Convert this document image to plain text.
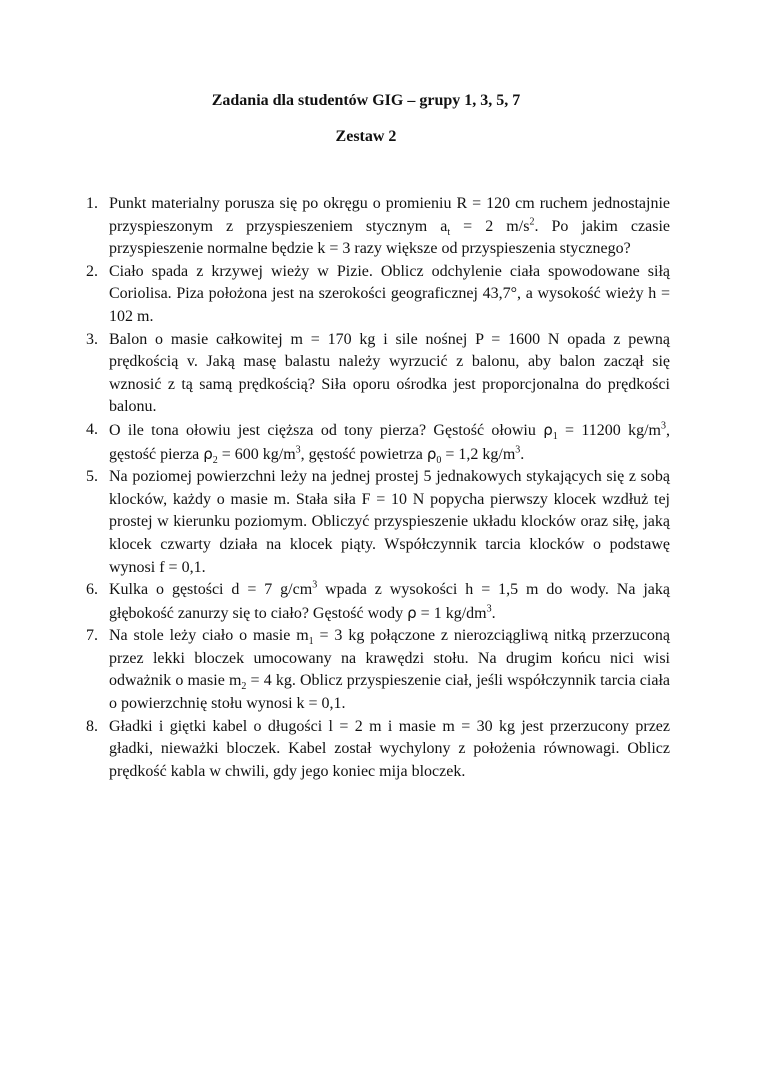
Zadania dla studentów GIG – grupy 1, 3, 5, 7
Zestaw 2
1. Punkt materialny porusza się po okręgu o promieniu R = 120 cm ruchem jednostajnie przyspieszonym z przyspieszeniem stycznym $a_t = 2$ $m/s^2$. Po jakim czasie przyspieszenie normalne będzie k = 3 razy większe od przyspieszenia stycznego?
2. Ciało spada z krzywej wieży w Pizie. Oblicz odchylenie ciała spowodowane siłą Coriolisa. Piza położona jest na szerokości geograficznej 43,7°, a wysokość wieży h = 102 m.
3. Balon o masie całkowitej m = 170 kg i sile nośnej P = 1600 N opada z pewną prędkością v. Jaką masę balastu należy wyrzucić z balonu, aby balon zaczął się wznosić z tą samą prędkością? Siła oporu ośrodka jest proporcjonalna do prędkości balonu.
4. O ile tona ołowiu jest cięższa od tony pierza? Gęstość ołowiu $\rho_1 = 11200$ $kg/m^3$, gęstość pierza $\rho_2 = 600$ $kg/m^3$, gęstość powietrza $\rho_0 = 1,2$ $kg/m^3$.
5. Na poziomej powierzchni leży na jednej prostej 5 jednakowych stykających się z sobą klocków, każdy o masie m. Stała siła F = 10 N popycha pierwszy klocek wzdłuż tej prostej w kierunku poziomym. Obliczyć przyspieszenie układu klocków oraz siłę, jaką klocek czwarty działa na klocek piąty. Współczynnik tarcia klocków o podstawę wynosi f = 0,1.
6. Kulka o gęstości d = 7 $g/cm^3$ wpada z wysokości h = 1,5 m do wody. Na jaką głębokość zanurzy się to ciało? Gęstość wody ρ = 1 $kg/dm^3$.
7. Na stole leży ciało o masie $m_1 = 3$ kg połączone z nierozciągliwą nitką przerzuconą przez lekki bloczek umocowany na krawędzi stołu. Na drugim końcu nici wisi odważnik o masie $m_2 = 4$ kg. Oblicz przyspieszenie ciał, jeśli współczynnik tarcia ciała o powierzchnię stołu wynosi k = 0,1.
8. Gładki i giętki kabel o długości l = 2 m i masie m = 30 kg jest przerzucony przez gładki, nieważki bloczek. Kabel został wychylony z położenia równowagi. Oblicz prędkość kabla w chwili, gdy jego koniec mija bloczek.
